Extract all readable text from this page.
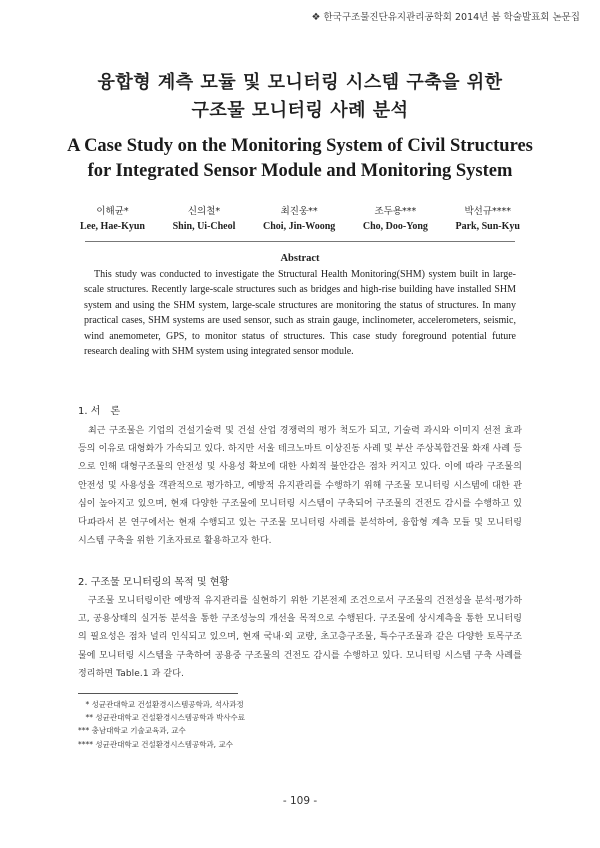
❖ 한국구조물진단유지관리공학회 2014년 봄 학술발표회 논문집
융합형 계측 모듈 및 모니터링 시스템 구축을 위한
구조물 모니터링 사례 분석
A Case Study on the Monitoring System of Civil Structures
for Integrated Sensor Module and Monitoring System
이해균*
Lee, Hae-Kyun
신의철*
Shin, Ui-Cheol
최진웅**
Choi, Jin-Woong
조두용***
Cho, Doo-Yong
박선규****
Park, Sun-Kyu
Abstract
This study was conducted to investigate the Structural Health Monitoring(SHM) system built in large-scale structures. Recently large-scale structures such as bridges and high-rise building have installed SHM system and using the SHM system, large-scale structures are monitoring the status of structures. In many practical cases, SHM systems are used sensor, such as strain gauge, inclinometer, accelerometers, seismic, wind anemometer, GPS, to monitor status of structures. This case study foreground potential future research dealing with SHM system using integrated sensor module.
1. 서　론
최근 구조물은 기업의 건설기술력 및 건설 산업 경쟁력의 평가 척도가 되고, 기술력 과시와 이미지 선전 효과 등의 이유로 대형화가 가속되고 있다. 하지만 서울 테크노마트 이상진동 사례 및 부산 주상복합건물 화재 사례 등으로 인해 대형구조물의 안전성 및 사용성 확보에 대한 사회적 불안감은 점차 커지고 있다. 이에 따라 구조물의 안전성 및 사용성을 객관적으로 평가하고, 예방적 유지관리를 수행하기 위해 구조물 모니터링 시스템에 대한 관심이 높아지고 있으며, 현재 다양한 구조물에 모니터링 시스템이 구축되어 구조물의 건전도 감시를 수행하고 있다.
따라서 본 연구에서는 현재 수행되고 있는 구조물 모니터링 사례를 분석하여, 융합형 계측 모듈 및 모니터링 시스템 구축을 위한 기초자료로 활용하고자 한다.
2. 구조물 모니터링의 목적 및 현황
구조물 모니터링이란 예방적 유지관리를 실현하기 위한 기본전제 조건으로서 구조물의 건전성을 분석·평가하고, 공용상태의 실거동 분석을 통한 구조성능의 개선을 목적으로 수행된다. 구조물에 상시계측을 통한 모니터링의 필요성은 점차 널리 인식되고 있으며, 현재 국내·외 교량, 초고층구조물, 특수구조물과 같은 다양한 토목구조물에 모니터링 시스템을 구축하여 공용중 구조물의 건전도 감시를 수행하고 있다. 모니터링 시스템 구축 사례를 정리하면 Table.1 과 같다.
　* 성균관대학교 건설환경시스템공학과, 석사과정
　** 성균관대학교 건설환경시스템공학과 박사수료
*** 충남대학교 기술교육과, 교수
**** 성균관대학교 건설환경시스템공학과, 교수
- 109 -
